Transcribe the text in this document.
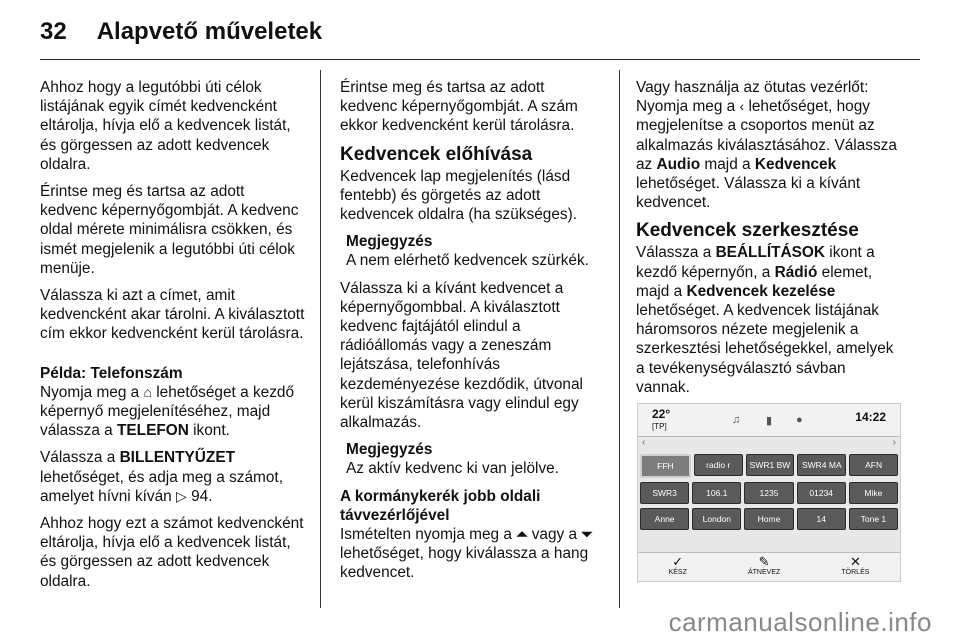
32 Alapvető műveletek

Ahhoz hogy a legutóbbi úti célok listájának egyik címét kedvencként eltárolja, hívja elő a kedvencek listát, és görgessen az adott kedvencek oldalra.

Érintse meg és tartsa az adott kedvenc képernyőgombját. A kedvenc oldal mérete minimálisra csökken, és ismét megjelenik a legutóbbi úti célok menüje.

Válassza ki azt a címet, amit kedvencként akar tárolni. A kiválasztott cím ekkor kedvencként kerül tárolásra.

Példa: Telefonszám

Nyomja meg a ⌂ lehetőséget a kezdő képernyő megjelenítéséhez, majd válassza a TELEFON ikont.

Válassza a BILLENTYŰZET lehetőséget, és adja meg a számot, amelyet hívni kíván ▷ 94.

Ahhoz hogy ezt a számot kedvencként eltárolja, hívja elő a kedvencek listát, és görgessen az adott kedvencek oldalra.

Érintse meg és tartsa az adott kedvenc képernyőgombját. A szám ekkor kedvencként kerül tárolásra.

Kedvencek előhívása

Kedvencek lap megjelenítés (lásd fentebb) és görgetés az adott kedvencek oldalra (ha szükséges).

Megjegyzés
A nem elérhető kedvencek szürkék.

Válassza ki a kívánt kedvencet a képernyőgombbal. A kiválasztott kedvenc fajtájától elindul a rádióállomás vagy a zeneszám lejátszása, telefonhívás kezdeményezése kezdődik, útvonal kerül kiszámításra vagy elindul egy alkalmazás.

Megjegyzés
Az aktív kedvenc ki van jelölve.

A kormánykerék jobb oldali távvezérlőjével

Ismételten nyomja meg a ⏶ vagy a ⏷ lehetőséget, hogy kiválassza a hang kedvencet.

Vagy használja az ötutas vezérlőt: Nyomja meg a ‹ lehetőséget, hogy megjelenítse a csoportos menüt az alkalmazás kiválasztásához. Válassza az Audio majd a Kedvencek lehetőséget. Válassza ki a kívánt kedvencet.

Kedvencek szerkesztése

Válassza a BEÁLLÍTÁSOK ikont a kezdő képernyőn, a Rádió elemet, majd a Kedvencek kezelése lehetőséget. A kedvencek listájának háromsoros nézete megjelenik a szerkesztési lehetőségekkel, amelyek a tevékenységválasztó sávban vannak.

22°
[TP]
♫ ▮ ●	14:22
‹	›
FFH	radio r	SWR1 BW	SWR4 MA	AFN
SWR3	106.1	1235	01234	Mike
Anne	London	Home	14	Tone 1
✓
KÉSZ
✎
ÁTNEVEZ
✕
TÖRLÉS
carmanualsonline.info
